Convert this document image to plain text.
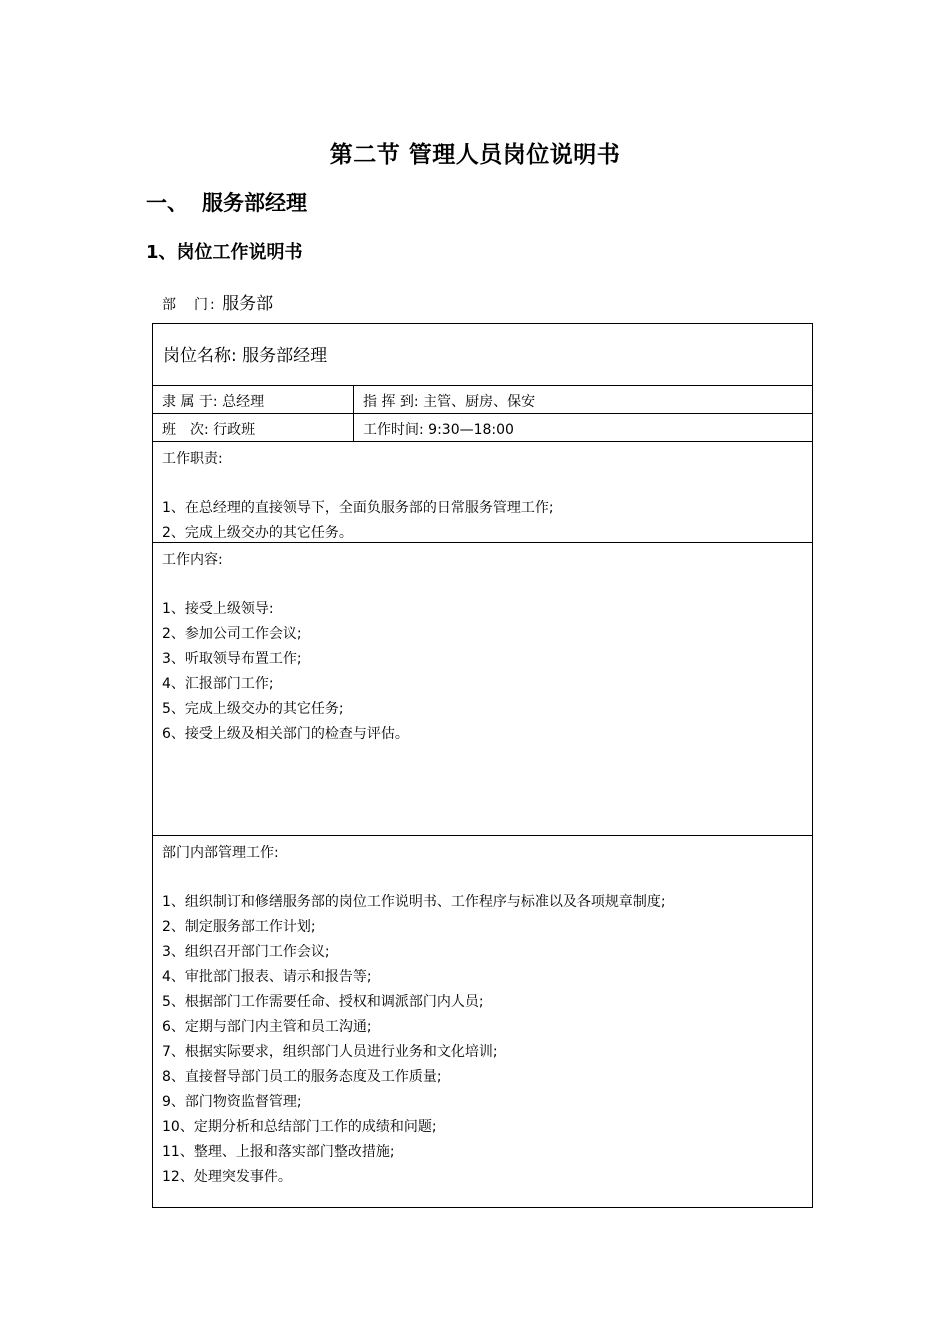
第二节 管理人员岗位说明书
一、 服务部经理
1、岗位工作说明书
部　门: 服务部
岗位名称: 服务部经理
隶 属 于: 总经理	指 挥 到: 主管、厨房、保安
班　次: 行政班	工作时间: 9:30—18:00
工作职责:
1、在总经理的直接领导下，全面负服务部的日常服务管理工作;
2、完成上级交办的其它任务。
工作内容:
1、接受上级领导:
2、参加公司工作会议;
3、听取领导布置工作;
4、汇报部门工作;
5、完成上级交办的其它任务;
6、接受上级及相关部门的检查与评估。
部门内部管理工作:
1、组织制订和修缮服务部的岗位工作说明书、工作程序与标准以及各项规章制度;
2、制定服务部工作计划;
3、组织召开部门工作会议;
4、审批部门报表、请示和报告等;
5、根据部门工作需要任命、授权和调派部门内人员;
6、定期与部门内主管和员工沟通;
7、根据实际要求，组织部门人员进行业务和文化培训;
8、直接督导部门员工的服务态度及工作质量;
9、部门物资监督管理;
10、定期分析和总结部门工作的成绩和问题;
11、整理、上报和落实部门整改措施;
12、处理突发事件。
